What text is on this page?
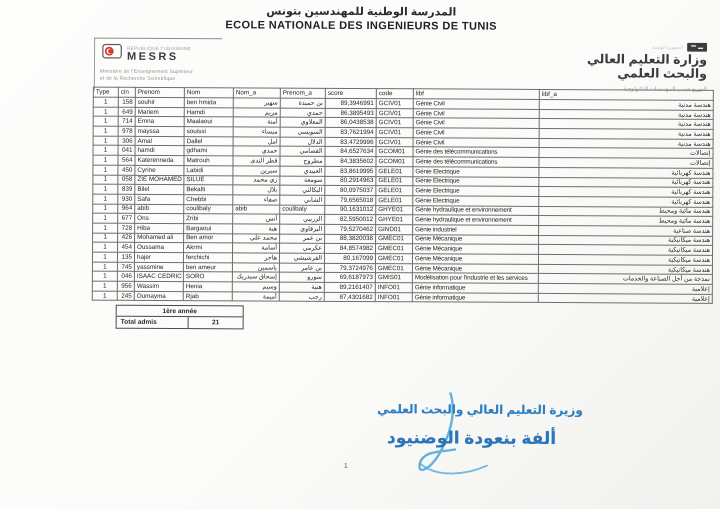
المدرسة الوطنية للمهندسين بتونس
ECOLE NATIONALE DES INGENIEURS DE TUNIS
RÉPUBLIQUE TUNISIENNE
MESRS
Ministère de l'Enseignement Supérieur
et de la Recherche Scientifique
الجمهورية التونسية
وزارة التعليم العالي
والبحث العلمي
التوزيع حسب المؤسسات التكنولوجية
Type	cin	Prenom	Nom	Nom_a	Prenom_a	score	code	libf	libf_a
1	158	souhir	ben hmida	سهير	بن حميدة	89,3946991	GCIV01	Génie Civil	هندسة مدنية
1	649	Mariem	Hamdi	مريم	حمدي	86,3895493	GCIV01	Génie Civil	هندسة مدنية
1	714	Emna	Maalaoui	أمنة	المعلاوي	86,0438538	GCIV01	Génie Civil	هندسة مدنية
1	978	mayssa	souissi	ميساء	السويسي	83,7621994	GCIV01	Génie Civil	هندسة مدنية
1	306	Amal	Dallel	امل	الدلال	83,4729996	GCIV01	Génie Civil	هندسة مدنية
1	041	hamdi	gdhami	حمدي	القضامي	84,6527634	GCOM01	Génie des télécommunications	إتصالات
1	564	Katerenneda	Matrouh	قطر الندى	مطروح	84,3835602	GCOM01	Génie des télécommunications	إتصالات
1	450	Cyrine	Labidi	سيرين	العبيدي	83,8619995	GELE01	Génie Electrique	هندسة كهربائية
1	058	ZIE MOHAMED	SILUE	زي محمد	سومعة	80,2914963	GELE01	Génie Electrique	هندسة كهربائية
1	839	Bilel	Bekalti	بلال	البكالتي	80,0975037	GELE01	Génie Electrique	هندسة كهربائية
1	930	Safa	Chebbi	صفاء	الشابي	79,6565018	GELE01	Génie Electrique	هندسة كهربائية
1	964	abib	coulibaly	abib	coulibaly	90,1631012	GHYE01	Génie hydraulique et environnement	هندسة مائية ومحيط
1	677	Ons	Zribi	أنس	الزريبي	82,5950012	GHYE01	Génie hydraulique et environnement	هندسة مائية ومحيط
1	728	Hiba	Bargaoui	هبة	البرقاوي	79,5270462	GIND01	Génie industriel	هندسة صناعية
1	426	Mohamed ali	Ben amor	محمد علي	بن عمر	88,3820038	GMEC01	Génie Mécanique	هندسة ميكانيكية
1	454	Oussama	Akrmi	أسامة	عكرمي	84,8574982	GMEC01	Génie Mécanique	هندسة ميكانيكية
1	135	hajer	ferchichi	هاجر	الفرشيشي	80,167099	GMEC01	Génie Mécanique	هندسة ميكانيكية
1	745	yassmine	ben ameur	ياسمين	بن عامر	79,3724976	GMEC01	Génie Mécanique	هندسة ميكانيكية
1	046	ISAAC CEDRIC	SORO	إسحاق سيدريك	سورو	69,6187973	GMIS01	Modélisation pour l'industrie et les services	نمذجة من أجل الصناعة والخدمات
1	956	Wassim	Henia	وسيم	هنية	89,2161407	INFO01	Génie informatique	إعلامية
1	245	Oumayma	Rjab	أميمة	رجب	87,4301682	INFO01	Génie informatique	إعلامية
1ère année
Total admis	21
وزيرة التعليم العالي والبحث العلمي
ألفة بنعودة الوضنيود
1
